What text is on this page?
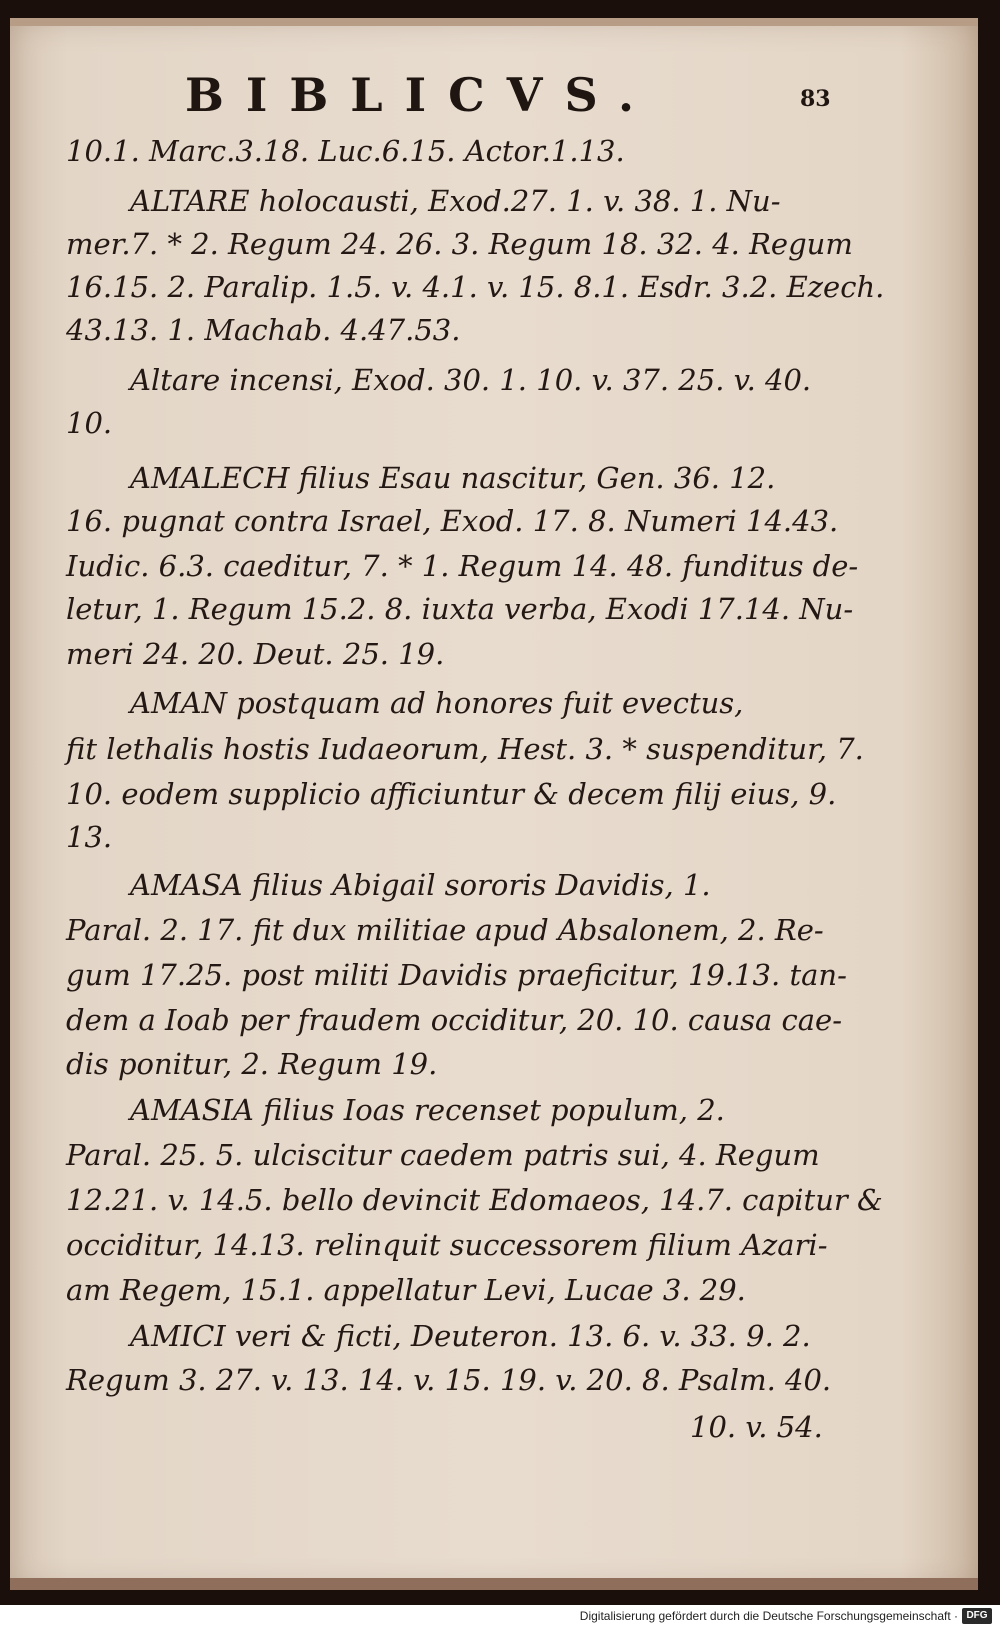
BIBLICVS.	83
10.1. Marc.3.18. Luc.6.15. Actor.1.13.
ALTARE holocausti, Exod.27. 1. v. 38. 1. Nu-
mer.7. * 2. Regum 24. 26. 3. Regum 18. 32. 4. Regum
16.15. 2. Paralip. 1.5. v. 4.1. v. 15. 8.1. Esdr. 3.2. Ezech.
43.13. 1. Machab. 4.47.53.
Altare incensi, Exod. 30. 1. 10. v. 37. 25. v. 40.
10.
AMALECH filius Esau nascitur, Gen. 36. 12.
16. pugnat contra Israel, Exod. 17. 8. Numeri 14.43.
Iudic. 6.3. caeditur, 7. * 1. Regum 14. 48. funditus de-
letur, 1. Regum 15.2. 8. iuxta verba, Exodi 17.14. Nu-
meri 24. 20. Deut. 25. 19.
AMAN postquam ad honores fuit evectus,
fit lethalis hostis Iudaeorum, Hest. 3. * suspenditur, 7.
10. eodem supplicio afficiuntur & decem filij eius, 9.
13.
AMASA filius Abigail sororis Davidis, 1.
Paral. 2. 17. fit dux militiae apud Absalonem, 2. Re-
gum 17.25. post militi Davidis praeficitur, 19.13. tan-
dem a Ioab per fraudem occiditur, 20. 10. causa cae-
dis ponitur, 2. Regum 19.
AMASIA filius Ioas recenset populum, 2.
Paral. 25. 5. ulciscitur caedem patris sui, 4. Regum
12.21. v. 14.5. bello devincit Edomaeos, 14.7. capitur &
occiditur, 14.13. relinquit successorem filium Azari-
am Regem, 15.1. appellatur Levi, Lucae 3. 29.
AMICI veri & ficti, Deuteron. 13. 6. v. 33. 9. 2.
Regum 3. 27. v. 13. 14. v. 15. 19. v. 20. 8. Psalm. 40.
10. v. 54.
Digitalisierung gefördert durch die Deutsche Forschungsgemeinschaft · DFG
